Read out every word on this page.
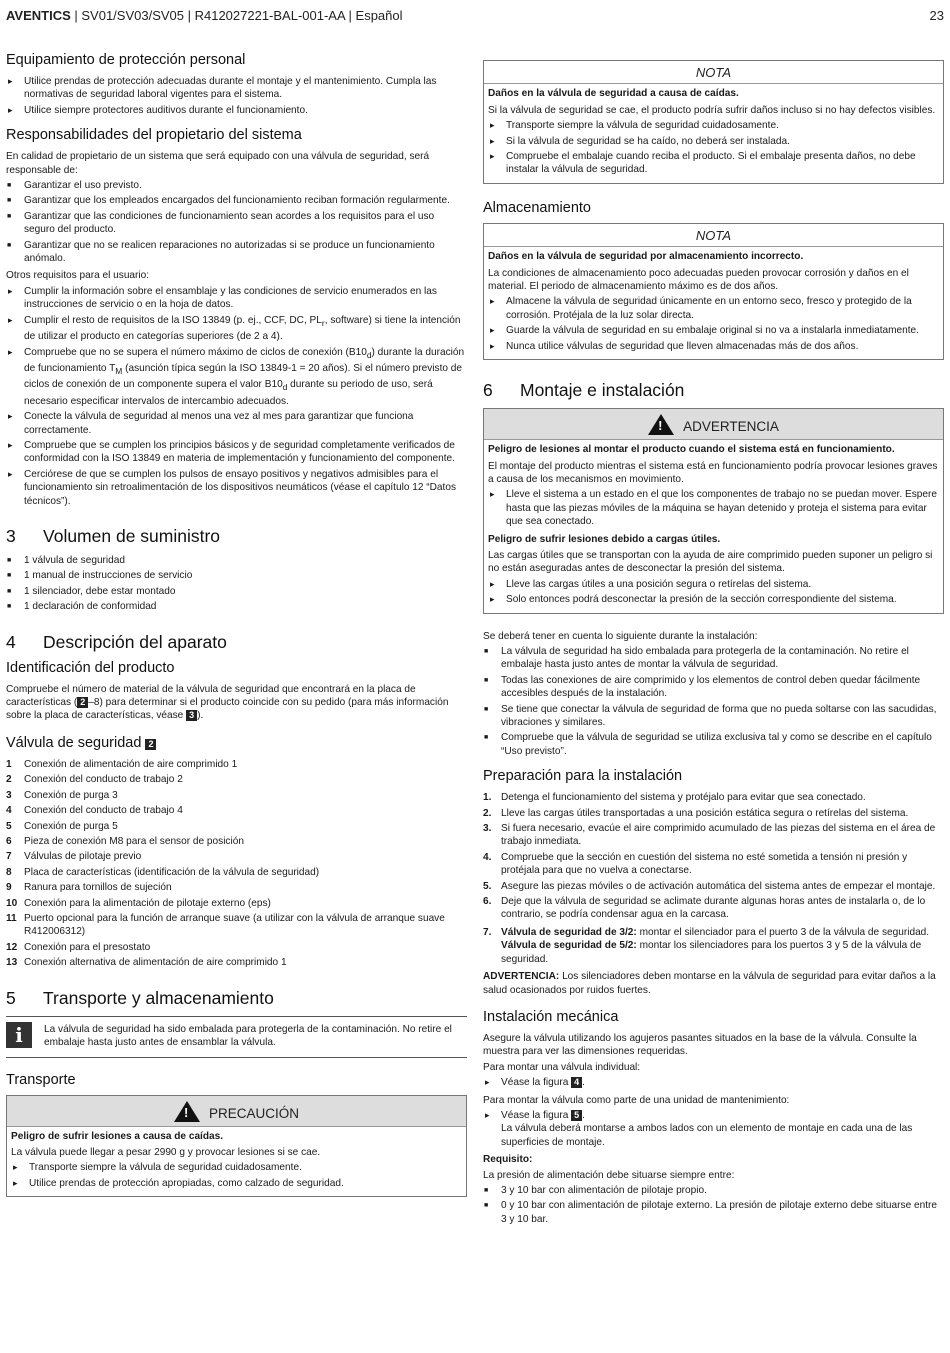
AVENTICS | SV01/SV03/SV05 | R412027221-BAL-001-AA | Español	23
Equipamiento de protección personal
▸ Utilice prendas de protección adecuadas durante el montaje y el mantenimiento. Cumpla las normativas de seguridad laboral vigentes para el sistema.
▸ Utilice siempre protectores auditivos durante el funcionamiento.
Responsabilidades del propietario del sistema

En calidad de propietario de un sistema que será equipado con una válvula de seguridad, será responsable de:

■ Garantizar el uso previsto.
■ Garantizar que los empleados encargados del funcionamiento reciban formación regularmente.
■ Garantizar que las condiciones de funcionamiento sean acordes a los requisitos para el uso seguro del producto.
■ Garantizar que no se realicen reparaciones no autorizadas si se produce un funcionamiento anómalo.

Otros requisitos para el usuario:

▸ Cumplir la información sobre el ensamblaje y las condiciones de servicio enumerados en las instrucciones de servicio o en la hoja de datos.
▸ Cumplir el resto de requisitos de la ISO 13849 (p. ej., CCF, DC, $PL_r$, software) si tiene la intención de utilizar el producto en categorías superiores (de 2 a 4).
▸ Compruebe que no se supera el número máximo de ciclos de conexión $(B10_d)$ durante la duración de funcionamiento $T_M$ (asunción típica según la ISO 13849-1 = 20 años). Si el número previsto de ciclos de conexión de un componente supera el valor $B10_d$ durante su periodo de uso, será necesario especificar intervalos de intercambio adecuados.
▸ Conecte la válvula de seguridad al menos una vez al mes para garantizar que funciona correctamente.
▸ Compruebe que se cumplen los principios básicos y de seguridad completamente verificados de conformidad con la ISO 13849 en materia de implementación y funcionamiento del componente.
▸ Cerciórese de que se cumplen los pulsos de ensayo positivos y negativos admisibles para el funcionamiento sin retroalimentación de los dispositivos neumáticos (véase el capítulo 12 “Datos técnicos”).
3 Volumen de suministro
■ 1 válvula de seguridad
■ 1 manual de instrucciones de servicio
■ 1 silenciador, debe estar montado
■ 1 declaración de conformidad
4 Descripción del aparato
Identificación del producto

Compruebe el número de material de la válvula de seguridad que encontrará en la placa de características ( 2 –8) para determinar si el producto coincide con su pedido (para más información sobre la placa de características, véase 3 ).

Válvula de seguridad 2
1 Conexión de alimentación de aire comprimido 1
2 Conexión del conducto de trabajo 2
3 Conexión de purga 3
4 Conexión del conducto de trabajo 4
5 Conexión de purga 5
6 Pieza de conexión M8 para el sensor de posición
7 Válvulas de pilotaje previo
8 Placa de características (identificación de la válvula de seguridad)
9 Ranura para tornillos de sujeción
10 Conexión para la alimentación de pilotaje externo (eps)
11 Puerto opcional para la función de arranque suave (a utilizar con la válvula de arranque suave R412006312)
12 Conexión para el presostato
13 Conexión alternativa de alimentación de aire comprimido 1
5 Transporte y almacenamiento
i	La válvula de seguridad ha sido embalada para protegerla de la contaminación. No retire el embalaje hasta justo antes de ensamblar la válvula.
Transporte
!PRECAUCIÓN
Peligro de sufrir lesiones a causa de caídas.

La válvula puede llegar a pesar 2990 g y provocar lesiones si se cae.

▸ Transporte siempre la válvula de seguridad cuidadosamente.
▸ Utilice prendas de protección apropiadas, como calzado de seguridad.
NOTA
Daños en la válvula de seguridad a causa de caídas.

Si la válvula de seguridad se cae, el producto podría sufrir daños incluso si no hay defectos visibles.

▸ Transporte siempre la válvula de seguridad cuidadosamente.
▸ Si la válvula de seguridad se ha caído, no deberá ser instalada.
▸ Compruebe el embalaje cuando reciba el producto. Si el embalaje presenta daños, no debe instalar la válvula de seguridad.
Almacenamiento
NOTA
Daños en la válvula de seguridad por almacenamiento incorrecto.

La condiciones de almacenamiento poco adecuadas pueden provocar corrosión y daños en el material. El periodo de almacenamiento máximo es de dos años.

▸ Almacene la válvula de seguridad únicamente en un entorno seco, fresco y protegido de la corrosión. Protéjala de la luz solar directa.
▸ Guarde la válvula de seguridad en su embalaje original si no va a instalarla inmediatamente.
▸ Nunca utilice válvulas de seguridad que lleven almacenadas más de dos años.
6 Montaje e instalación
!ADVERTENCIA
Peligro de lesiones al montar el producto cuando el sistema está en funcionamiento.

El montaje del producto mientras el sistema está en funcionamiento podría provocar lesiones graves a causa de los mecanismos en movimiento.

▸ Lleve el sistema a un estado en el que los componentes de trabajo no se puedan mover. Espere hasta que las piezas móviles de la máquina se hayan detenido y proteja el sistema para evitar que sea conectado.
Peligro de sufrir lesiones debido a cargas útiles.

Las cargas útiles que se transportan con la ayuda de aire comprimido pueden suponer un peligro si no están aseguradas antes de desconectar la presión del sistema.

▸ Lleve las cargas útiles a una posición segura o retírelas del sistema.
▸ Solo entonces podrá desconectar la presión de la sección correspondiente del sistema.

Se deberá tener en cuenta lo siguiente durante la instalación:

■ La válvula de seguridad ha sido embalada para protegerla de la contaminación. No retire el embalaje hasta justo antes de montar la válvula de seguridad.
■ Todas las conexiones de aire comprimido y los elementos de control deben quedar fácilmente accesibles después de la instalación.
■ Se tiene que conectar la válvula de seguridad de forma que no pueda soltarse con las sacudidas, vibraciones y similares.
■ Compruebe que la válvula de seguridad se utiliza exclusiva tal y como se describe en el capítulo “Uso previsto”.
Preparación para la instalación
1. Detenga el funcionamiento del sistema y protéjalo para evitar que sea conectado.
2. Lleve las cargas útiles transportadas a una posición estática segura o retírelas del sistema.
3. Si fuera necesario, evacúe el aire comprimido acumulado de las piezas del sistema en el área de trabajo inmediata.
4. Compruebe que la sección en cuestión del sistema no esté sometida a tensión ni presión y protéjala para que no vuelva a conectarse.
5. Asegure las piezas móviles o de activación automática del sistema antes de empezar el montaje.
6. Deje que la válvula de seguridad se aclimate durante algunas horas antes de instalarla o, de lo contrario, se podría condensar agua en la carcasa.
7. Válvula de seguridad de 3/2: montar el silenciador para el puerto 3 de la válvula de seguridad.
Válvula de seguridad de 5/2: montar los silenciadores para los puertos 3 y 5 de la válvula de seguridad.

ADVERTENCIA: Los silenciadores deben montarse en la válvula de seguridad para evitar daños a la salud ocasionados por ruidos fuertes.

Instalación mecánica

Asegure la válvula utilizando los agujeros pasantes situados en la base de la válvula. Consulte la muestra para ver las dimensiones requeridas.

Para montar una válvula individual:

▸ Véase la figura 4 .

Para montar la válvula como parte de una unidad de mantenimiento:

▸ Véase la figura 5 .
La válvula deberá montarse a ambos lados con un elemento de montaje en cada una de las superficies de montaje.

Requisito:

La presión de alimentación debe situarse siempre entre:

■ 3 y 10 bar con alimentación de pilotaje propio.
■ 0 y 10 bar con alimentación de pilotaje externo. La presión de pilotaje externo debe situarse entre 3 y 10 bar.
